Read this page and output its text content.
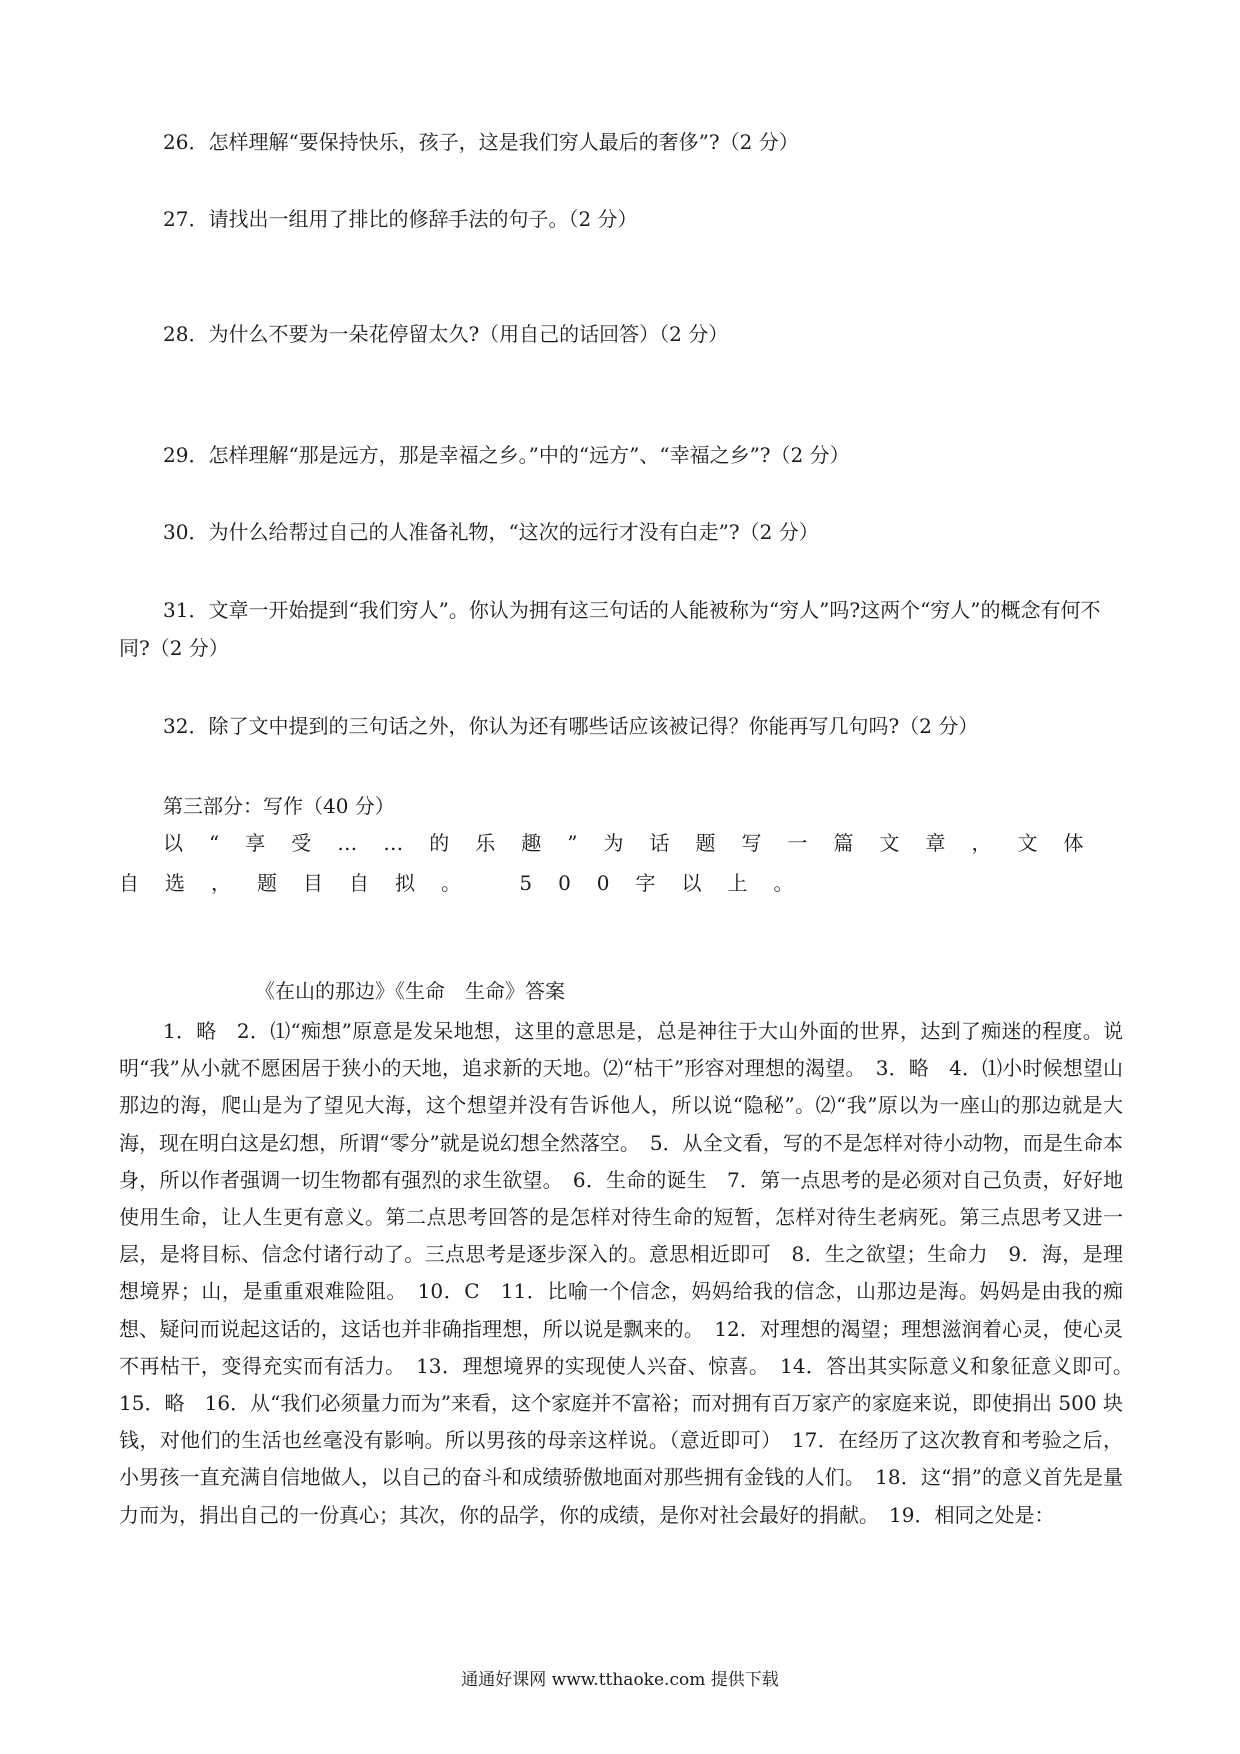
26．怎样理解“要保持快乐，孩子，这是我们穷人最后的奢侈”?（2 分）
27．请找出一组用了排比的修辞手法的句子。（2 分）
28．为什么不要为一朵花停留太久?（用自己的话回答）（2 分）
29．怎样理解“那是远方，那是幸福之乡。”中的“远方”、“幸福之乡”?（2 分）
30．为什么给帮过自己的人准备礼物，“这次的远行才没有白走”?（2 分）
31．文章一开始提到“我们穷人”。你认为拥有这三句话的人能被称为“穷人”吗?这两个“穷人”的概念有何不同?（2 分）
32．除了文中提到的三句话之外，你认为还有哪些话应该被记得？你能再写几句吗?（2 分）
第三部分：写作（40 分）
以“享受……的乐趣”为话题写一篇文章，文体自选，题目自拟。 500字以上。
《在山的那边》《生命　生命》答案
1．略　2．⑴“痴想”原意是发呆地想，这里的意思是，总是神往于大山外面的世界，达到了痴迷的程度。说明“我”从小就不愿困居于狭小的天地，追求新的天地。⑵“枯干”形容对理想的渴望。　3．略　4．⑴小时候想望山那边的海，爬山是为了望见大海，这个想望并没有告诉他人，所以说“隐秘”。⑵“我”原以为一座山的那边就是大海，现在明白这是幻想，所谓“零分”就是说幻想全然落空。　5．从全文看，写的不是怎样对待小动物，而是生命本身，所以作者强调一切生物都有强烈的求生欲望。　6．生命的诞生　7．第一点思考的是必须对自己负责，好好地使用生命，让人生更有意义。第二点思考回答的是怎样对待生命的短暂，怎样对待生老病死。第三点思考又进一层，是将目标、信念付诸行动了。三点思考是逐步深入的。意思相近即可　8．生之欲望；生命力　9．海，是理想境界；山，是重重艰难险阻。　10．C　11．比喻一个信念，妈妈给我的信念，山那边是海。妈妈是由我的痴想、疑问而说起这话的，这话也并非确指理想，所以说是飘来的。　12．对理想的渴望；理想滋润着心灵，使心灵不再枯干，变得充实而有活力。　13．理想境界的实现使人兴奋、惊喜。　14．答出其实际意义和象征意义即可。　15．略　16．从“我们必须量力而为”来看，这个家庭并不富裕；而对拥有百万家产的家庭来说，即使捐出 500 块钱，对他们的生活也丝毫没有影响。所以男孩的母亲这样说。（意近即可）　17．在经历了这次教育和考验之后，小男孩一直充满自信地做人，以自己的奋斗和成绩骄傲地面对那些拥有金钱的人们。　18．这“捐”的意义首先是量力而为，捐出自己的一份真心；其次，你的品学，你的成绩，是你对社会最好的捐献。　19．相同之处是：
通通好课网 www.tthaoke.com 提供下载
